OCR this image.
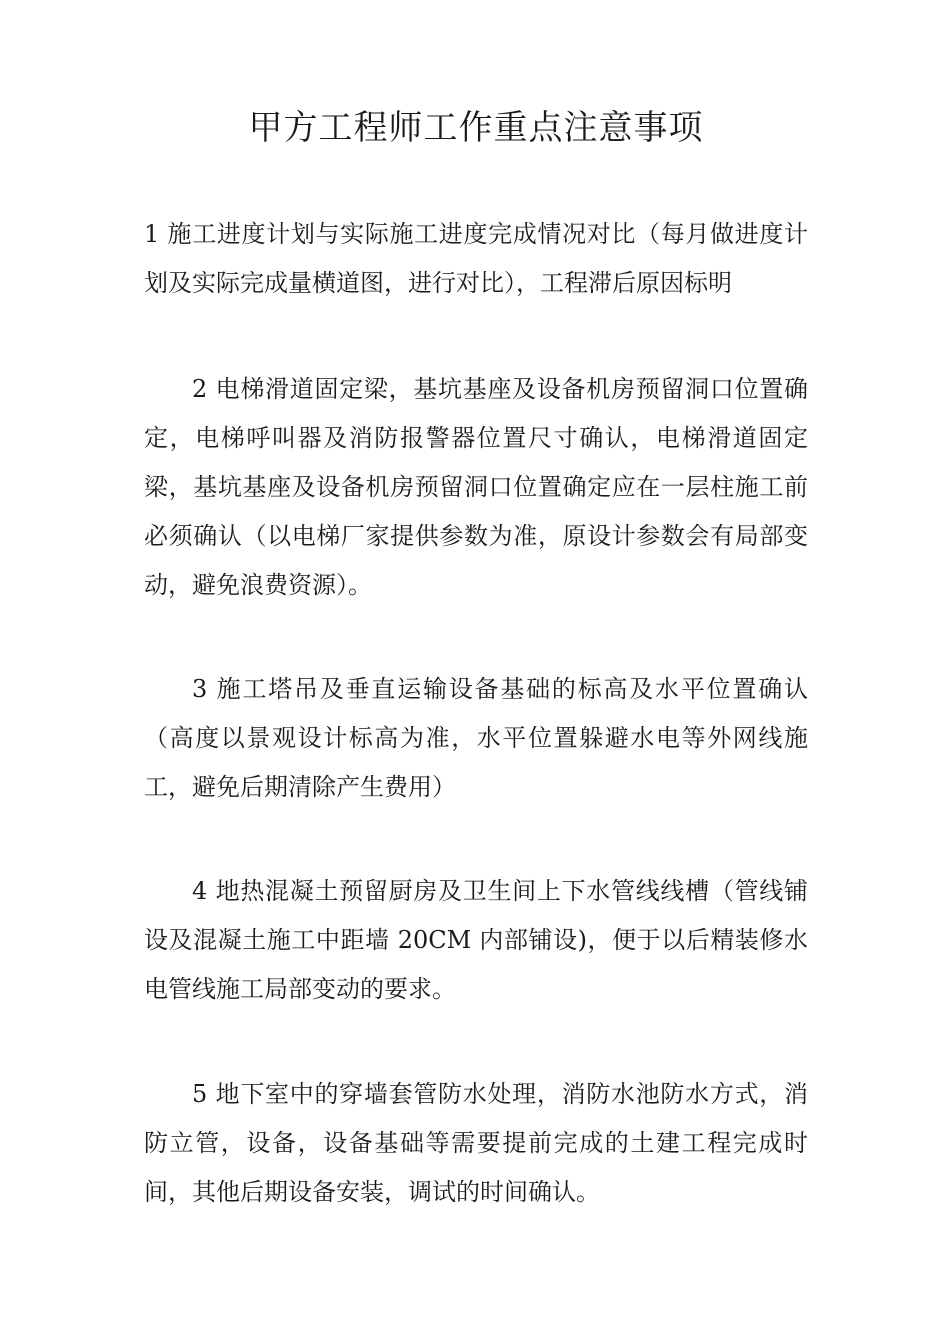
甲方工程师工作重点注意事项

1 施工进度计划与实际施工进度完成情况对比（每月做进度计划及实际完成量横道图，进行对比），工程滞后原因标明

2 电梯滑道固定梁，基坑基座及设备机房预留洞口位置确定，电梯呼叫器及消防报警器位置尺寸确认，电梯滑道固定梁，基坑基座及设备机房预留洞口位置确定应在一层柱施工前必须确认（以电梯厂家提供参数为准，原设计参数会有局部变动，避免浪费资源）。

3 施工塔吊及垂直运输设备基础的标高及水平位置确认（高度以景观设计标高为准，水平位置躲避水电等外网线施工，避免后期清除产生费用）

4 地热混凝土预留厨房及卫生间上下水管线线槽（管线铺设及混凝土施工中距墙 20CM 内部铺设)，便于以后精装修水电管线施工局部变动的要求。

5 地下室中的穿墙套管防水处理，消防水池防水方式，消防立管，设备，设备基础等需要提前完成的土建工程完成时间，其他后期设备安装，调试的时间确认。
